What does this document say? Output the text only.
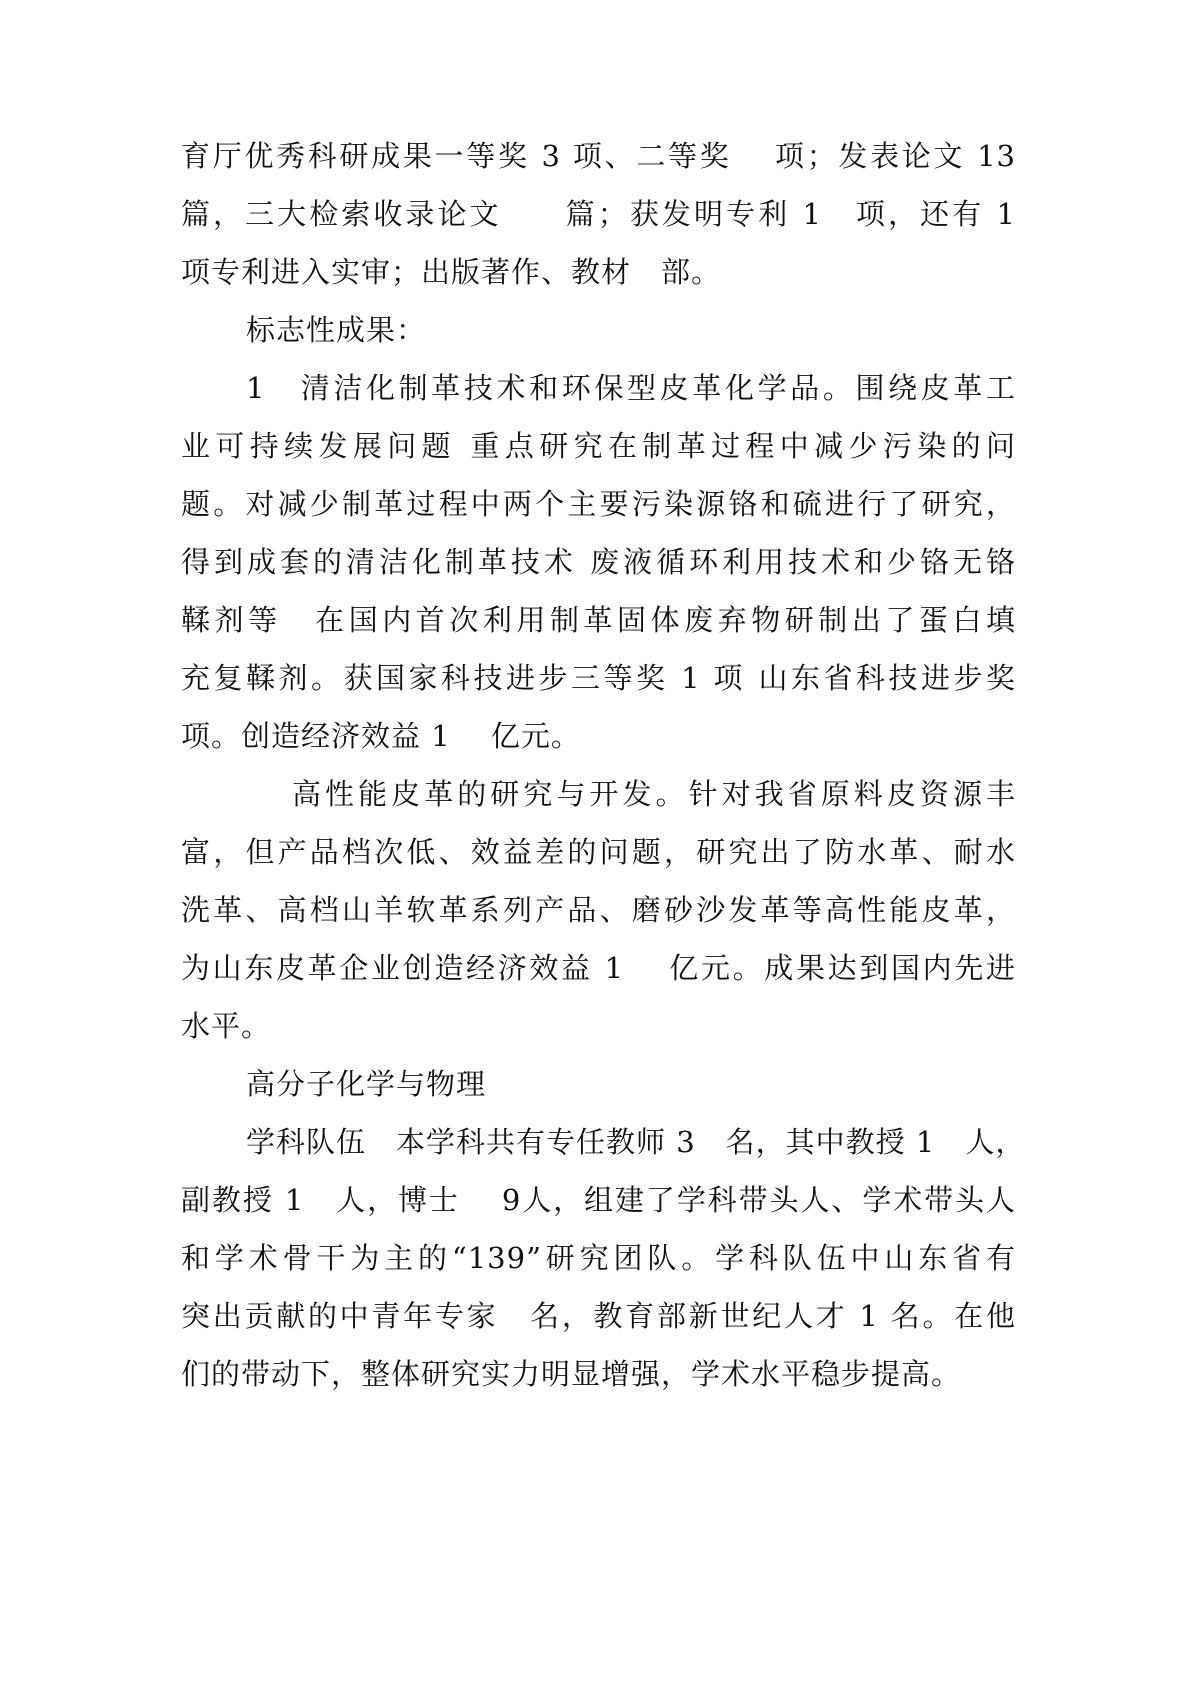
育厅优秀科研成果一等奖 3 项、二等奖　 项；发表论文 13
篇，三大检索收录论文　　篇；获发明专利 1　项，还有 1
项专利进入实审；出版著作、教材　部。
标志性成果：
1　清洁化制革技术和环保型皮革化学品。围绕皮革工
业可持续发展问题 重点研究在制革过程中减少污染的问
题。对减少制革过程中两个主要污染源铬和硫进行了研究，
得到成套的清洁化制革技术 废液循环利用技术和少铬无铬
鞣剂等　在国内首次利用制革固体废弃物研制出了蛋白填
充复鞣剂。获国家科技进步三等奖 1 项 山东省科技进步奖
项。创造经济效益 1　 亿元。
高性能皮革的研究与开发。针对我省原料皮资源丰
富，但产品档次低、效益差的问题，研究出了防水革、耐水
洗革、高档山羊软革系列产品、磨砂沙发革等高性能皮革，
为山东皮革企业创造经济效益 1　 亿元。成果达到国内先进
水平。
高分子化学与物理
学科队伍　本学科共有专任教师 3　名，其中教授 1　人，
副教授 1　人，博士　 9人，组建了学科带头人、学术带头人
和学术骨干为主的“139”研究团队。学科队伍中山东省有
突出贡献的中青年专家　名，教育部新世纪人才 1 名。在他
们的带动下，整体研究实力明显增强，学术水平稳步提高。
